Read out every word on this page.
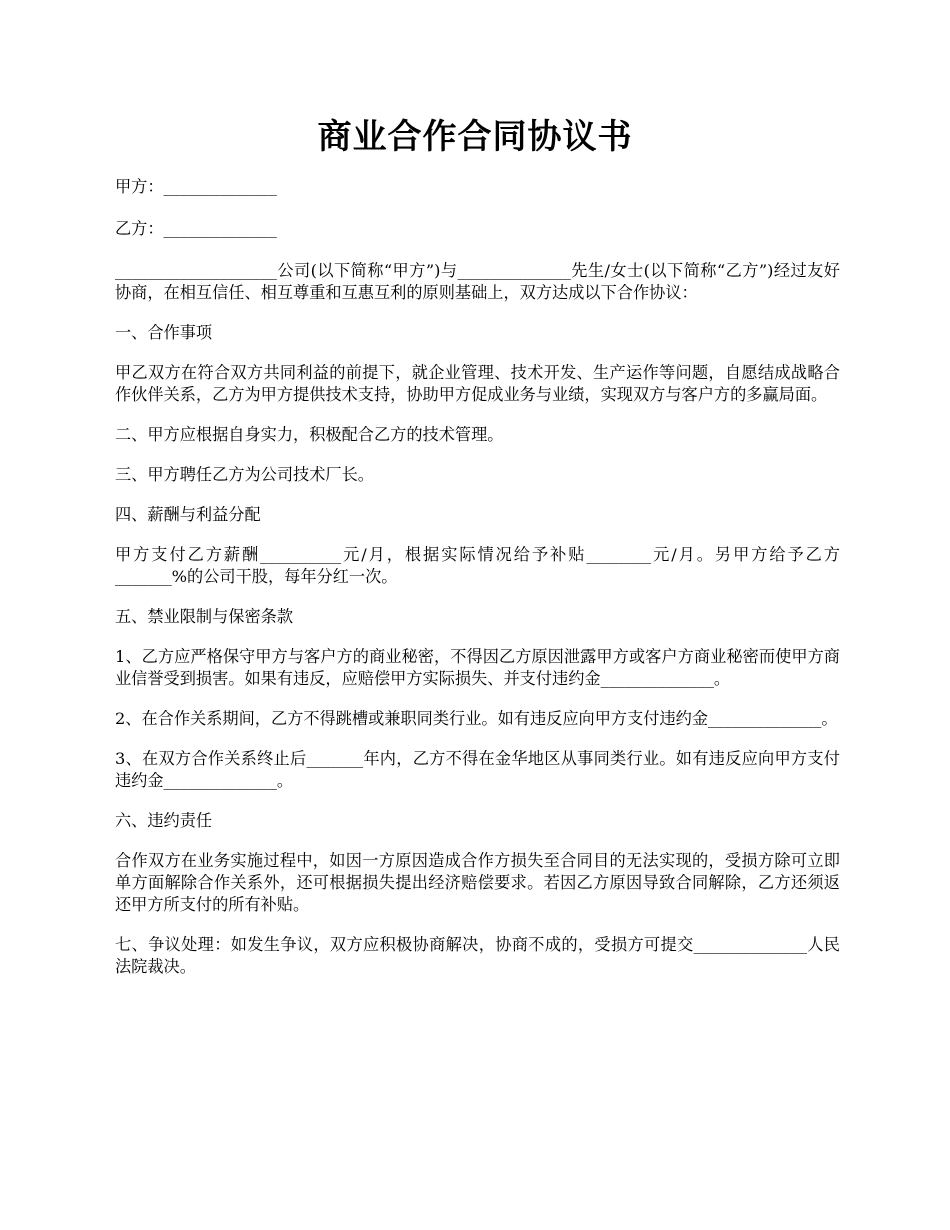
商业合作合同协议书

甲方：______________

乙方：______________

____________________公司(以下简称“甲方”)与______________先生/女士(以下简称“乙方”)经过友好协商，在相互信任、相互尊重和互惠互利的原则基础上，双方达成以下合作协议：

一、合作事项

甲乙双方在符合双方共同利益的前提下，就企业管理、技术开发、生产运作等问题，自愿结成战略合作伙伴关系，乙方为甲方提供技术支持，协助甲方促成业务与业绩，实现双方与客户方的多赢局面。

二、甲方应根据自身实力，积极配合乙方的技术管理。

三、甲方聘任乙方为公司技术厂长。

四、薪酬与利益分配

甲方支付乙方薪酬__________元/月，根据实际情况给予补贴________元/月。另甲方给予乙方_______%的公司干股，每年分红一次。

五、禁业限制与保密条款

1、乙方应严格保守甲方与客户方的商业秘密，不得因乙方原因泄露甲方或客户方商业秘密而使甲方商业信誉受到损害。如果有违反，应赔偿甲方实际损失、并支付违约金______________。

2、在合作关系期间，乙方不得跳槽或兼职同类行业。如有违反应向甲方支付违约金______________。

3、在双方合作关系终止后_______年内，乙方不得在金华地区从事同类行业。如有违反应向甲方支付违约金______________。

六、违约责任

合作双方在业务实施过程中，如因一方原因造成合作方损失至合同目的无法实现的，受损方除可立即单方面解除合作关系外，还可根据损失提出经济赔偿要求。若因乙方原因导致合同解除，乙方还须返还甲方所支付的所有补贴。

七、争议处理：如发生争议，双方应积极协商解决，协商不成的，受损方可提交______________人民法院裁决。
